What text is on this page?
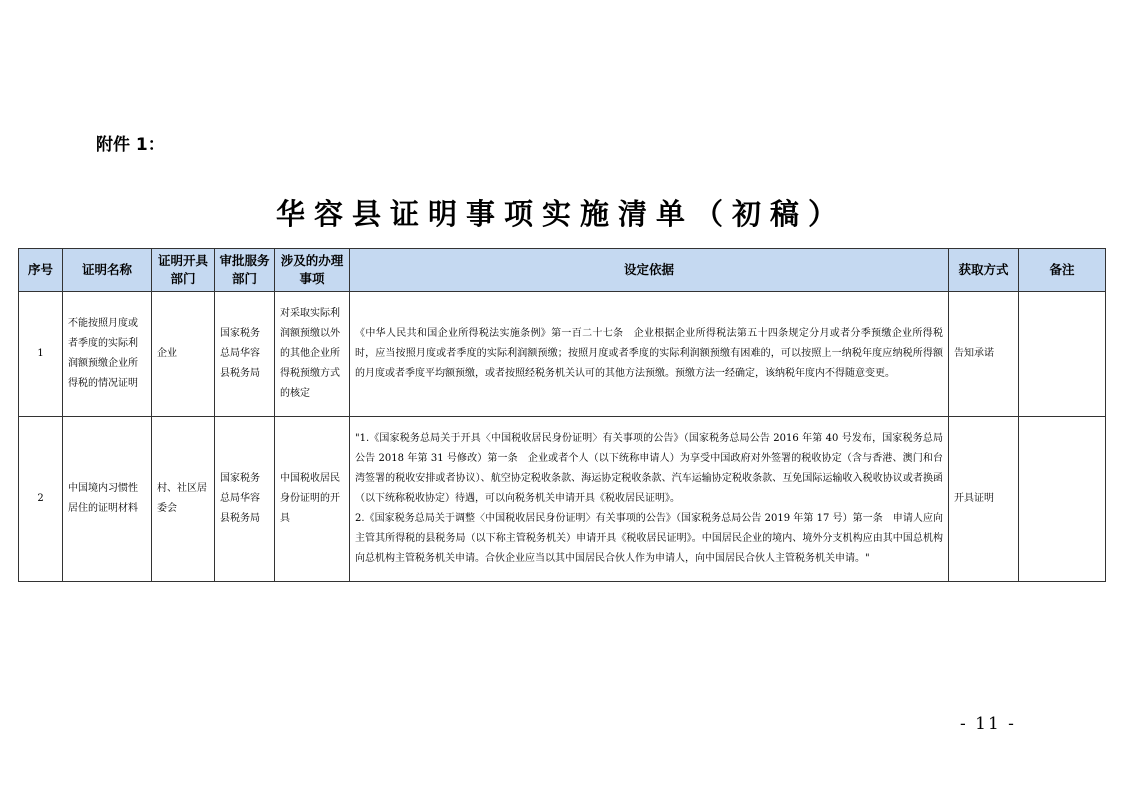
附件 1：
华容县证明事项实施清单（初稿）
序号	证明名称	证明开具部门	审批服务部门	涉及的办理事项	设定依据	获取方式	备注
1	不能按照月度或者季度的实际利润额预缴企业所得税的情况证明	企业	国家税务总局华容县税务局	对采取实际利润额预缴以外的其他企业所得税预缴方式的核定	《中华人民共和国企业所得税法实施条例》第一百二十七条　企业根据企业所得税法第五十四条规定分月或者分季预缴企业所得税时，应当按照月度或者季度的实际利润额预缴；按照月度或者季度的实际利润额预缴有困难的，可以按照上一纳税年度应纳税所得额的月度或者季度平均额预缴，或者按照经税务机关认可的其他方法预缴。预缴方法一经确定，该纳税年度内不得随意变更。	告知承诺	
2	中国境内习惯性居住的证明材料	村、社区居委会	国家税务总局华容县税务局	中国税收居民身份证明的开具	"1.《国家税务总局关于开具〈中国税收居民身份证明〉有关事项的公告》（国家税务总局公告 2016 年第 40 号发布，国家税务总局公告 2018 年第 31 号修改）第一条　企业或者个人（以下统称申请人）为享受中国政府对外签署的税收协定（含与香港、澳门和台湾签署的税收安排或者协议）、航空协定税收条款、海运协定税收条款、汽车运输协定税收条款、互免国际运输收入税收协议或者换函（以下统称税收协定）待遇，可以向税务机关申请开具《税收居民证明》。
2.《国家税务总局关于调整〈中国税收居民身份证明〉有关事项的公告》（国家税务总局公告 2019 年第 17 号）第一条　申请人应向主管其所得税的县税务局（以下称主管税务机关）申请开具《税收居民证明》。中国居民企业的境内、境外分支机构应由其中国总机构向总机构主管税务机关申请。合伙企业应当以其中国居民合伙人作为申请人，向中国居民合伙人主管税务机关申请。"	开具证明	
- 11 -
